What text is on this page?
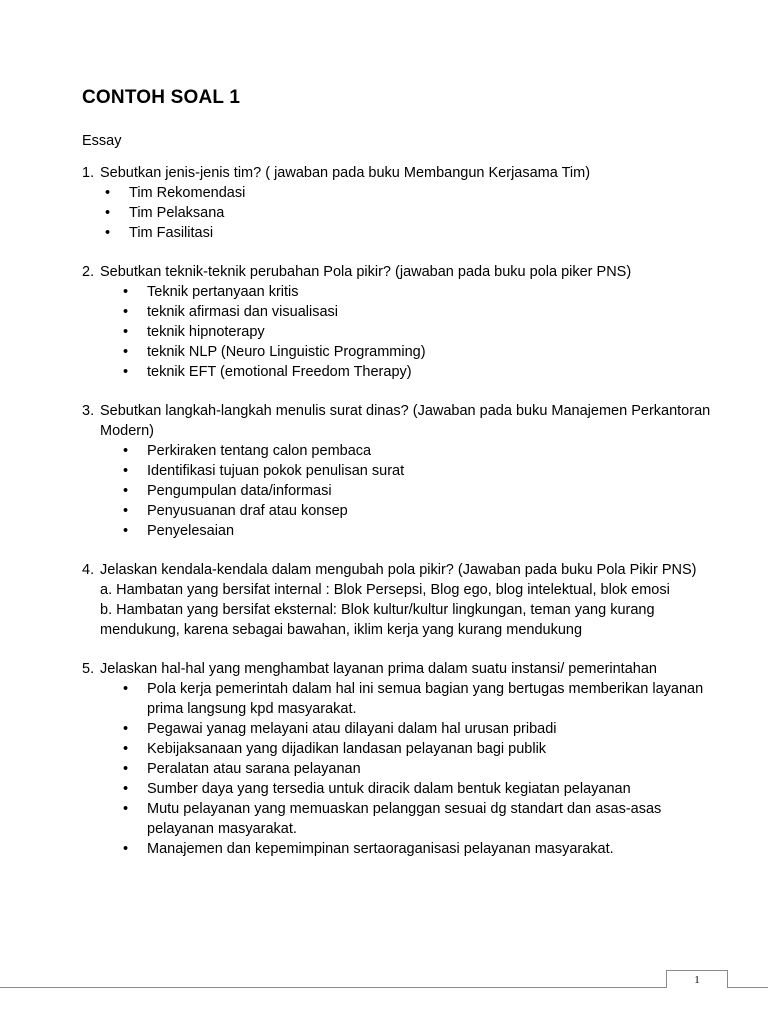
CONTOH SOAL 1
Essay
1. Sebutkan jenis-jenis tim? ( jawaban pada buku Membangun Kerjasama Tim)
• Tim Rekomendasi
• Tim Pelaksana
• Tim Fasilitasi
2. Sebutkan teknik-teknik perubahan Pola pikir? (jawaban pada buku pola piker PNS)
• Teknik pertanyaan kritis
• teknik afirmasi dan visualisasi
• teknik hipnoterapy
• teknik NLP (Neuro Linguistic Programming)
• teknik EFT (emotional Freedom Therapy)
3. Sebutkan langkah-langkah menulis surat dinas? (Jawaban pada buku Manajemen Perkantoran Modern)
• Perkiraken tentang calon pembaca
• Identifikasi tujuan pokok penulisan surat
• Pengumpulan data/informasi
• Penyusuanan draf atau konsep
• Penyelesaian
4. Jelaskan kendala-kendala dalam mengubah pola pikir? (Jawaban pada buku Pola Pikir PNS)
a. Hambatan yang bersifat internal : Blok Persepsi, Blog ego, blog intelektual, blok emosi
b. Hambatan yang bersifat eksternal: Blok kultur/kultur lingkungan, teman yang kurang mendukung, karena sebagai bawahan, iklim kerja yang kurang mendukung
5. Jelaskan hal-hal yang menghambat layanan prima dalam suatu instansi/ pemerintahan
• Pola kerja pemerintah dalam hal ini semua bagian yang bertugas memberikan layanan prima langsung kpd masyarakat.
• Pegawai yanag melayani atau dilayani dalam hal urusan pribadi
• Kebijaksanaan yang dijadikan landasan pelayanan bagi publik
• Peralatan atau sarana pelayanan
• Sumber daya yang tersedia untuk diracik dalam bentuk kegiatan pelayanan
• Mutu pelayanan yang memuaskan pelanggan sesuai dg standart dan asas-asas pelayanan masyarakat.
• Manajemen dan kepemimpinan sertaoraganisasi pelayanan masyarakat.
1
